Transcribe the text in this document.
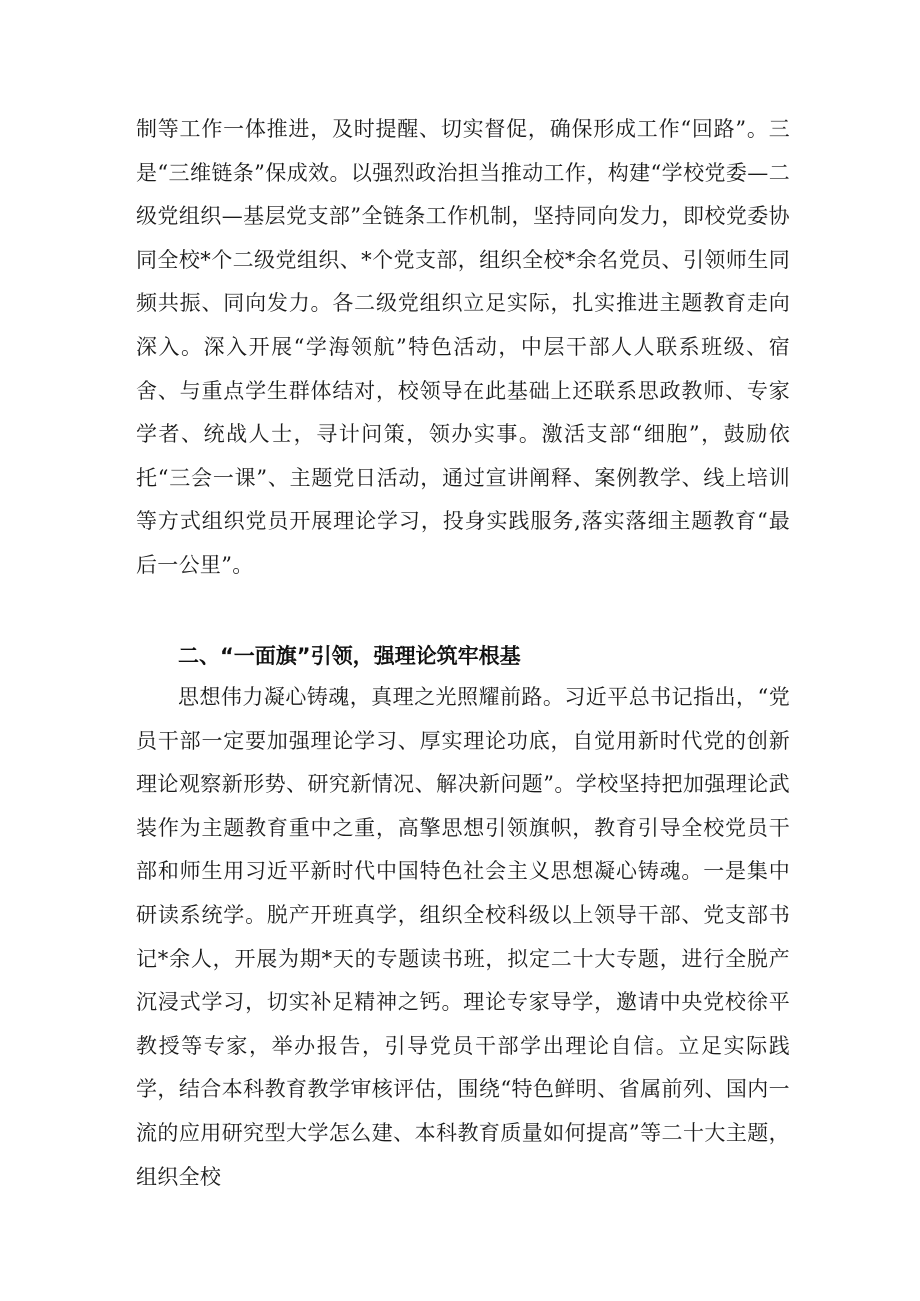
制等工作一体推进，及时提醒、切实督促，确保形成工作“回路”。三是“三维链条”保成效。以强烈政治担当推动工作，构建“学校党委—二级党组织—基层党支部”全链条工作机制，坚持同向发力，即校党委协同全校*个二级党组织、*个党支部，组织全校*余名党员、引领师生同频共振、同向发力。各二级党组织立足实际，扎实推进主题教育走向深入。深入开展“学海领航”特色活动，中层干部人人联系班级、宿舍、与重点学生群体结对，校领导在此基础上还联系思政教师、专家学者、统战人士，寻计问策，领办实事。激活支部“细胞”，鼓励依托“三会一课”、主题党日活动，通过宣讲阐释、案例教学、线上培训等方式组织党员开展理论学习，投身实践服务,落实落细主题教育“最后一公里”。

二、“一面旗”引领，强理论筑牢根基

思想伟力凝心铸魂，真理之光照耀前路。习近平总书记指出，“党员干部一定要加强理论学习、厚实理论功底，自觉用新时代党的创新理论观察新形势、研究新情况、解决新问题”。学校坚持把加强理论武装作为主题教育重中之重，高擎思想引领旗帜，教育引导全校党员干部和师生用习近平新时代中国特色社会主义思想凝心铸魂。一是集中研读系统学。脱产开班真学，组织全校科级以上领导干部、党支部书记*余人，开展为期*天的专题读书班，拟定二十大专题，进行全脱产沉浸式学习，切实补足精神之钙。理论专家导学，邀请中央党校徐平教授等专家，举办报告，引导党员干部学出理论自信。立足实际践学，结合本科教育教学审核评估，围绕“特色鲜明、省属前列、国内一流的应用研究型大学怎么建、本科教育质量如何提高”等二十大主题，组织全校
